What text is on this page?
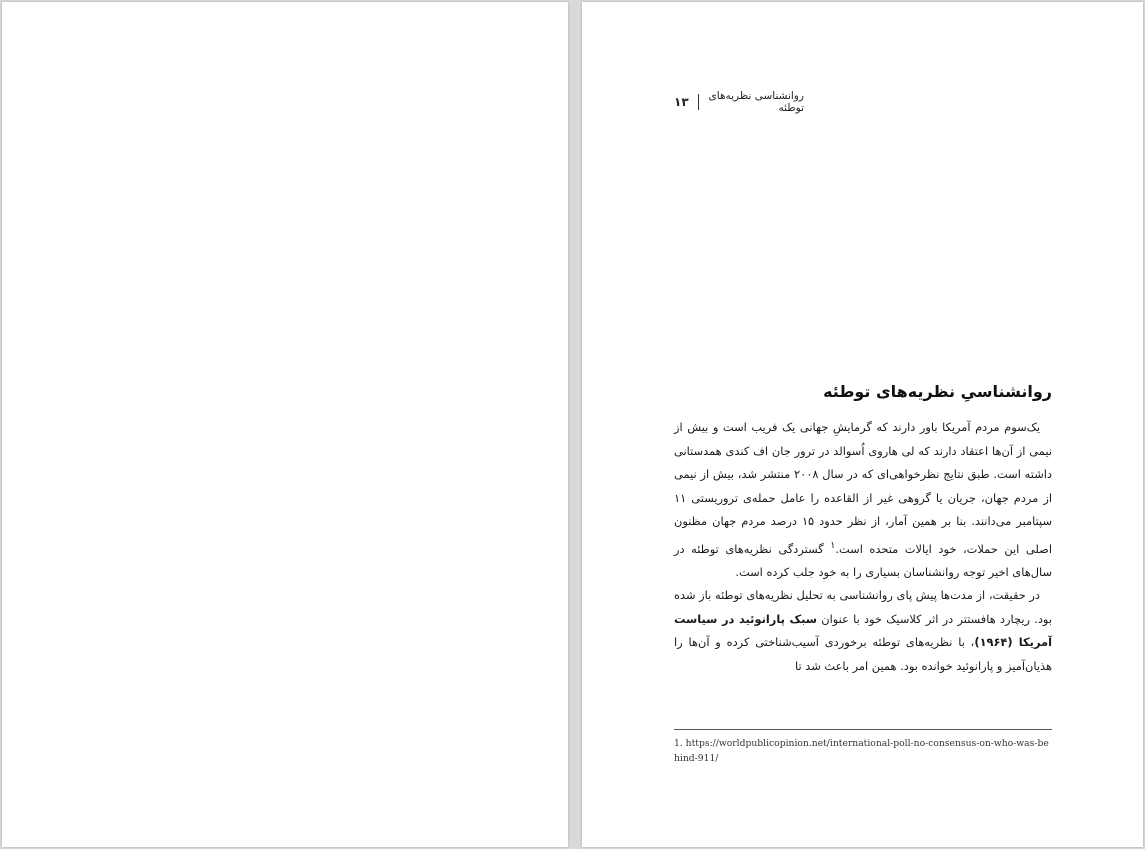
روانشناسی نظریه‌های توطئه
۱۳
روانشناسیِ نظریه‌های توطئه

یک‌سوم مردم آمریکا باور دارند که گرمایشِ جهانی یک فریب است و بیش از نیمی از آن‌ها اعتقاد دارند که لی هاروی اُسوالد در ترور جان اف کندی همدستانی داشته است. طبق نتایج نظرخواهی‌ای که در سال ۲۰۰۸ منتشر شد، بیش از نیمی از مردم جهان، جریان یا گروهی غیر از القاعده را عامل حمله‌ی تروریستی ۱۱ سپتامبر می‌دانند. بنا بر همین آمار، از نظر حدود ۱۵ درصد مردم جهان مظنون اصلی این حملات، خود ایالات متحده است.$^۱$ گستردگی نظریه‌های توطئه در سال‌های اخیر توجه روانشناسان بسیاری را به خود جلب کرده است.

در حقیقت، از مدت‌ها پیش پای روانشناسی به تحلیل نظریه‌های توطئه باز شده بود. ریچارد هافستتر در اثر کلاسیک خود با عنوان سبک پارانوئید در سیاست آمریکا (۱۹۶۴)، با نظریه‌های توطئه برخوردی آسیب‌شناختی کرده و آن‌ها را هذیان‌آمیز و پارانوئید خوانده بود. همین امر باعث شد تا

1. https://worldpublicopinion.net/international-poll-no-consensus-on-who-was-behind-911/
